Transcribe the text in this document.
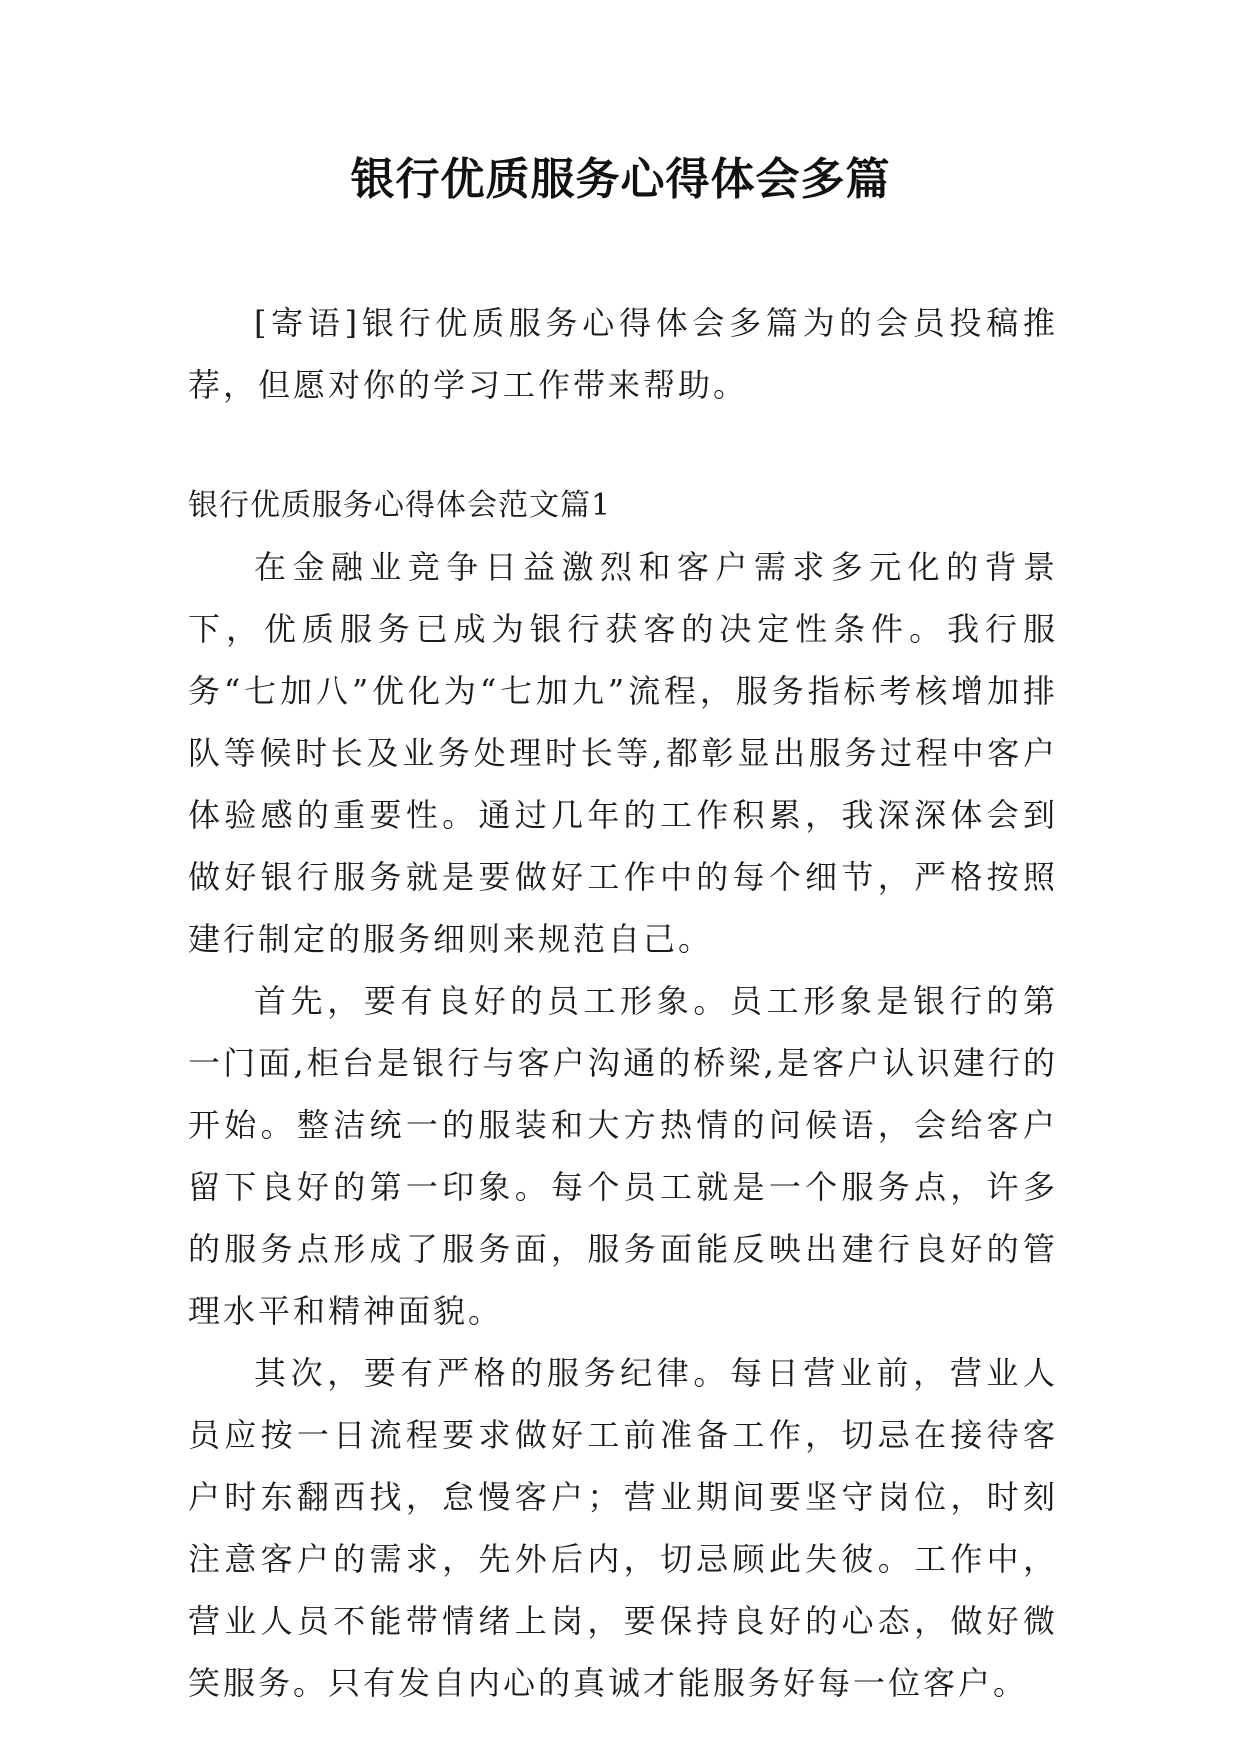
银行优质服务心得体会多篇

[寄语]银行优质服务心得体会多篇为的会员投稿推荐，但愿对你的学习工作带来帮助。

银行优质服务心得体会范文篇1

在金融业竞争日益激烈和客户需求多元化的背景下，优质服务已成为银行获客的决定性条件。我行服务“七加八”优化为“七加九”流程，服务指标考核增加排队等候时长及业务处理时长等,都彰显出服务过程中客户体验感的重要性。通过几年的工作积累，我深深体会到做好银行服务就是要做好工作中的每个细节，严格按照建行制定的服务细则来规范自己。

首先，要有良好的员工形象。员工形象是银行的第一门面,柜台是银行与客户沟通的桥梁,是客户认识建行的开始。整洁统一的服装和大方热情的问候语，会给客户留下良好的第一印象。每个员工就是一个服务点，许多的服务点形成了服务面，服务面能反映出建行良好的管理水平和精神面貌。

其次，要有严格的服务纪律。每日营业前，营业人员应按一日流程要求做好工前准备工作，切忌在接待客户时东翻西找，怠慢客户；营业期间要坚守岗位，时刻注意客户的需求，先外后内，切忌顾此失彼。工作中，营业人员不能带情绪上岗，要保持良好的心态，做好微笑服务。只有发自内心的真诚才能服务好每一位客户。
